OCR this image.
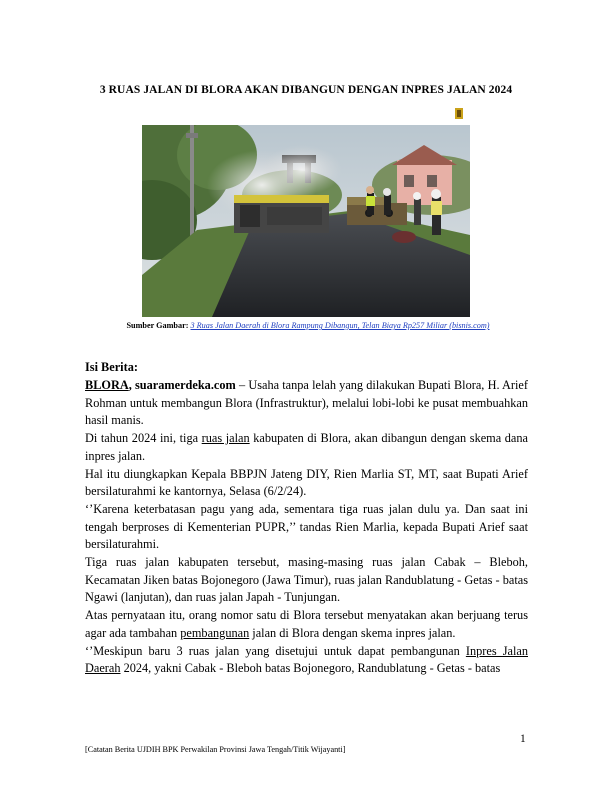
3 RUAS JALAN DI BLORA AKAN DIBANGUN DENGAN INPRES JALAN 2024
Sumber Gambar: 3 Ruas Jalan Daerah di Blora Rampung Dibangun, Telan Biaya Rp257 Miliar (bisnis.com)
Isi Berita:

BLORA, suaramerdeka.com – Usaha tanpa lelah yang dilakukan Bupati Blora, H. Arief Rohman untuk membangun Blora (Infrastruktur), melalui lobi-lobi ke pusat membuahkan hasil manis.

Di tahun 2024 ini, tiga ruas jalan kabupaten di Blora, akan dibangun dengan skema dana inpres jalan.

Hal itu diungkapkan Kepala BBPJN Jateng DIY, Rien Marlia ST, MT, saat Bupati Arief bersilaturahmi ke kantornya, Selasa (6/2/24).

‘’Karena keterbatasan pagu yang ada, sementara tiga ruas jalan dulu ya. Dan saat ini tengah berproses di Kementerian PUPR,’’ tandas Rien Marlia, kepada Bupati Arief saat bersilaturahmi.

Tiga ruas jalan kabupaten tersebut, masing-masing ruas jalan Cabak – Bleboh, Kecamatan Jiken batas Bojonegoro (Jawa Timur), ruas jalan Randublatung - Getas - batas Ngawi (lanjutan), dan ruas jalan Japah - Tunjungan.

Atas pernyataan itu, orang nomor satu di Blora tersebut menyatakan akan berjuang terus agar ada tambahan pembangunan jalan di Blora dengan skema inpres jalan.

‘’Meskipun baru 3 ruas jalan yang disetujui untuk dapat pembangunan Inpres Jalan Daerah 2024, yakni Cabak - Bleboh batas Bojonegoro, Randublatung - Getas - batas

1
[Catatan Berita UJDIH BPK Perwakilan Provinsi Jawa Tengah/Titik Wijayanti]
